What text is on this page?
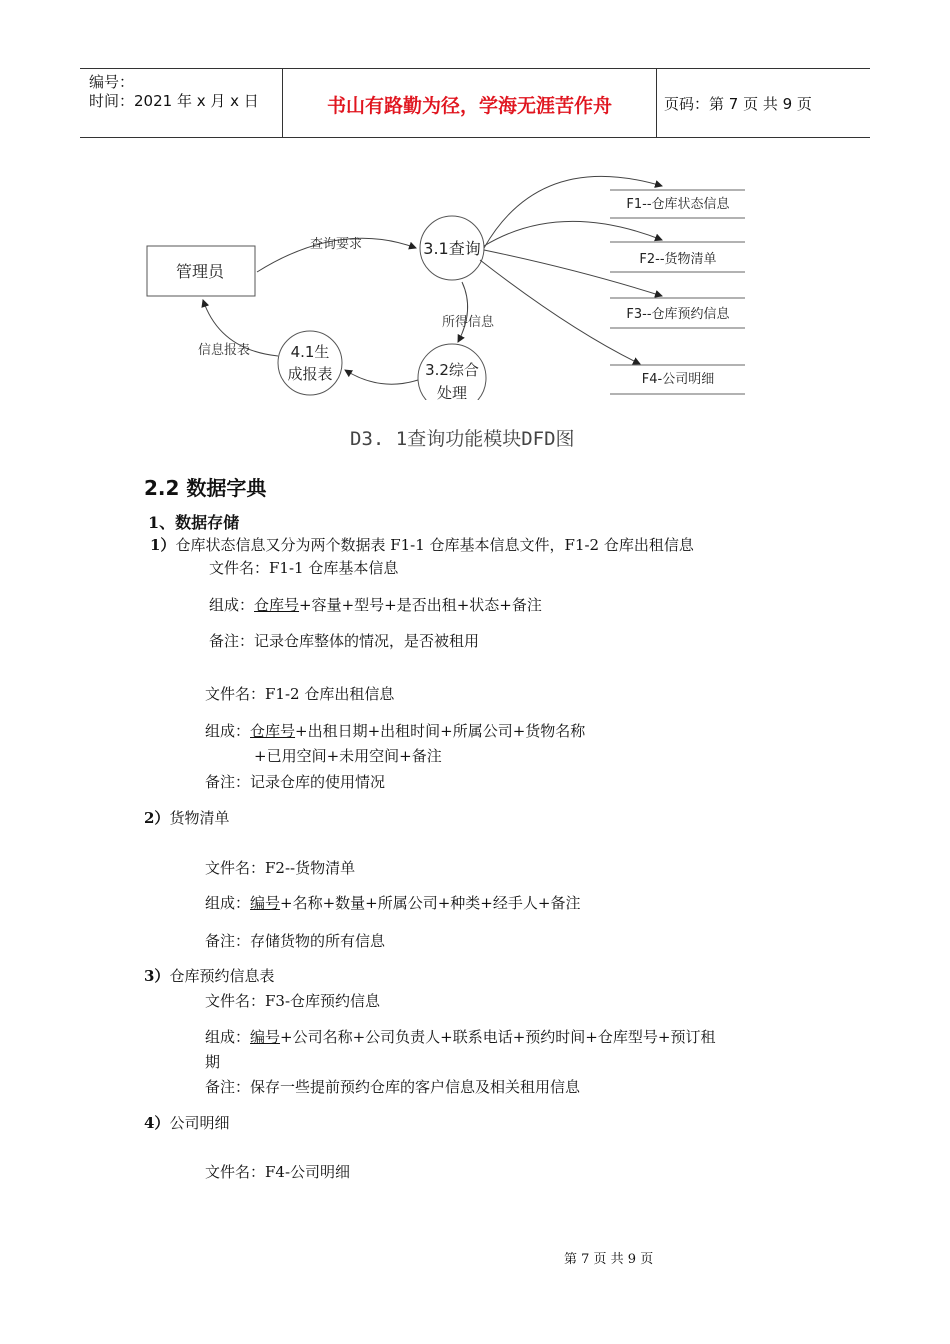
编号：
时间：2021 年 x 月 x 日	书山有路勤为径，学海无涯苦作舟	页码：第 7 页 共 9 页
管理员
3.1查询
4.1生
成报表	3.2综合
处理
查询要求
所得信息
信息报表
F1--仓库状态信息
F2--货物清单
F3--仓库预约信息
F4-公司明细
D3. 1查询功能模块DFD图
2.2 数据字典
1、数据存储
1）仓库状态信息又分为两个数据表 F1-1 仓库基本信息文件，F1-2 仓库出租信息
文件名：F1-1 仓库基本信息
组成：仓库号+容量+型号+是否出租+状态+备注
备注：记录仓库整体的情况，是否被租用
文件名：F1-2 仓库出租信息
组成：仓库号+出租日期+出租时间+所属公司+货物名称
+已用空间+未用空间+备注
备注：记录仓库的使用情况
2）货物清单
文件名：F2--货物清单
组成：编号+名称+数量+所属公司+种类+经手人+备注
备注：存储货物的所有信息
3）仓库预约信息表
文件名：F3-仓库预约信息
组成：编号+公司名称+公司负责人+联系电话+预约时间+仓库型号+预订租
期
备注：保存一些提前预约仓库的客户信息及相关租用信息
4）公司明细
文件名：F4-公司明细
第 7 页 共 9 页
